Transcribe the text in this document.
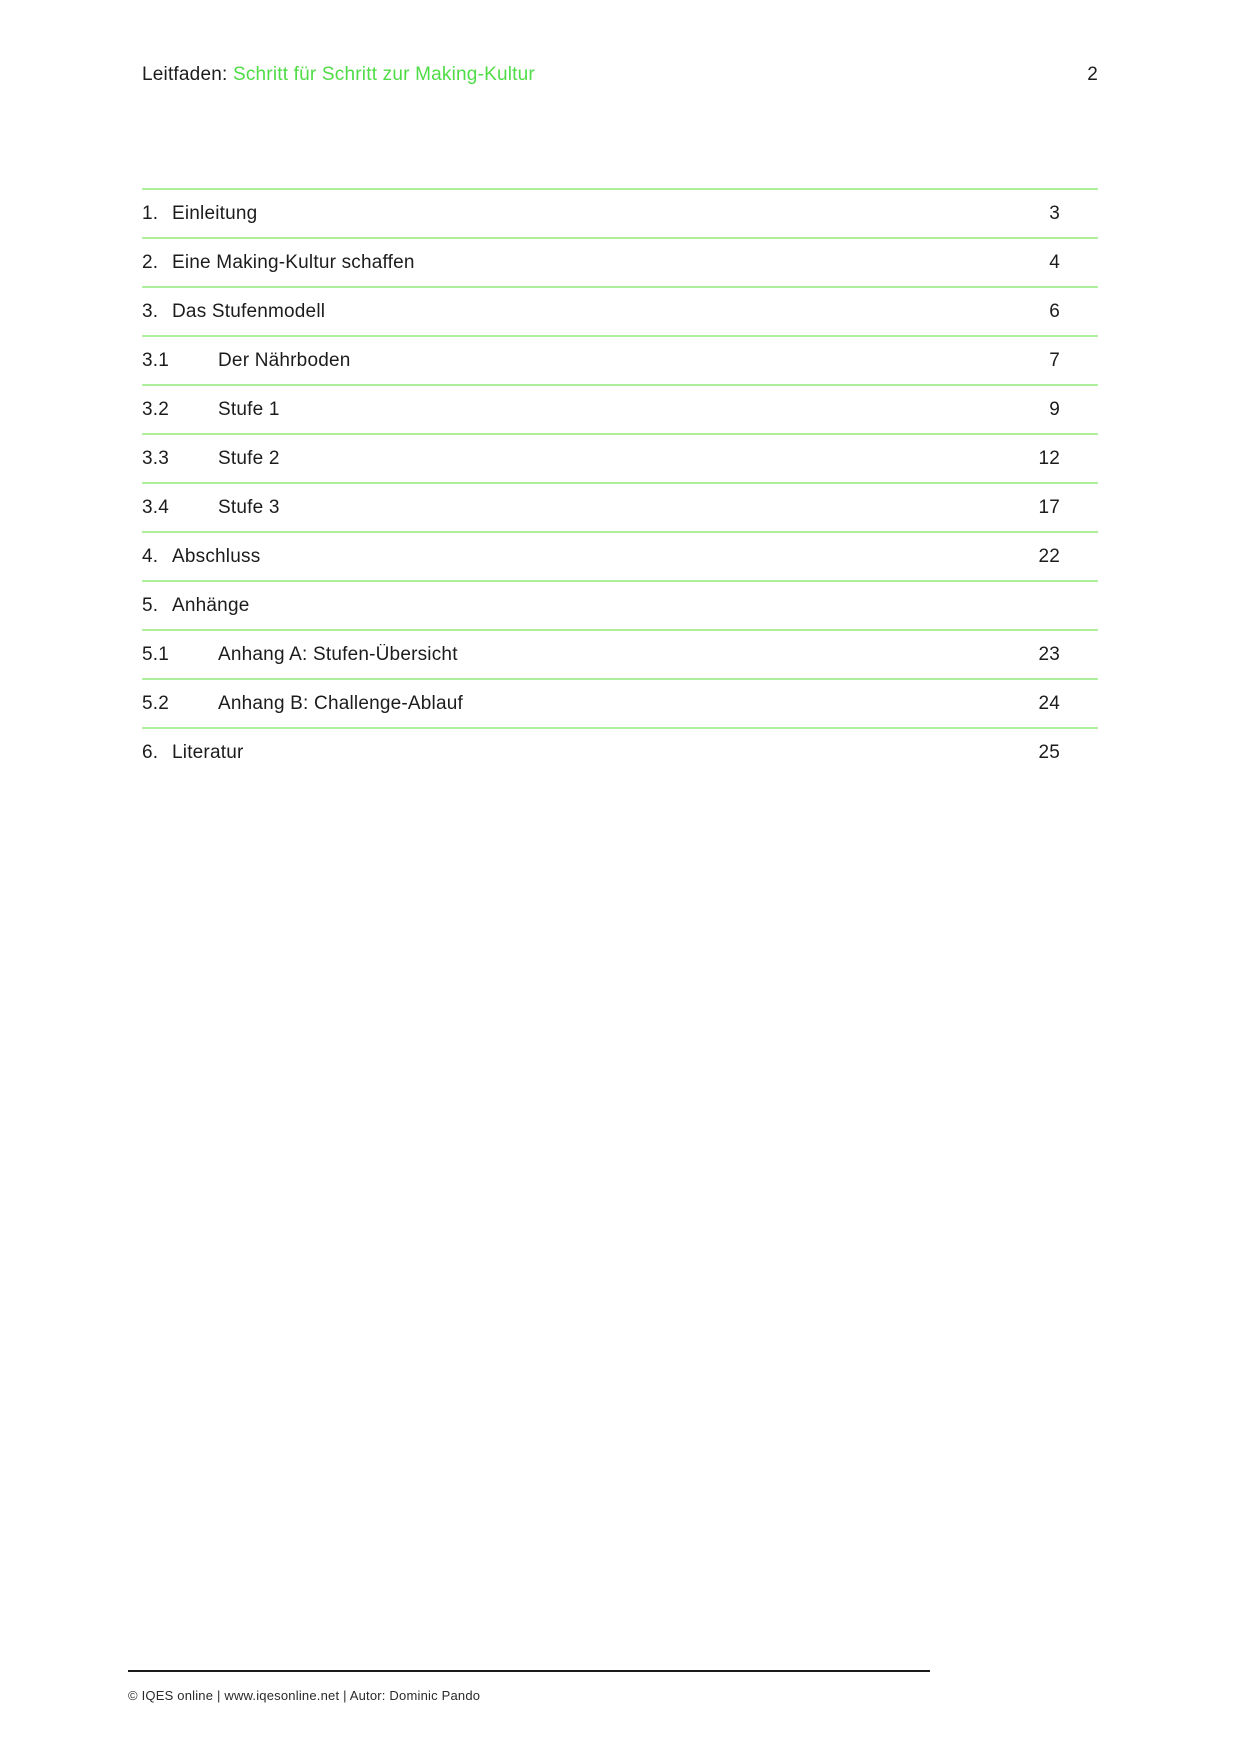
Leitfaden: Schritt für Schritt zur Making-Kultur	2
1. Einleitung	3
2. Eine Making-Kultur schaffen	4
3. Das Stufenmodell	6
3.1	Der Nährboden	7
3.2	Stufe 1	9
3.3	Stufe 2	12
3.4	Stufe 3	17
4. Abschluss	22
5. Anhänge
5.1	Anhang A: Stufen-Übersicht	23
5.2	Anhang B: Challenge-Ablauf	24
6. Literatur	25
© IQES online | www.iqesonline.net | Autor: Dominic Pando
